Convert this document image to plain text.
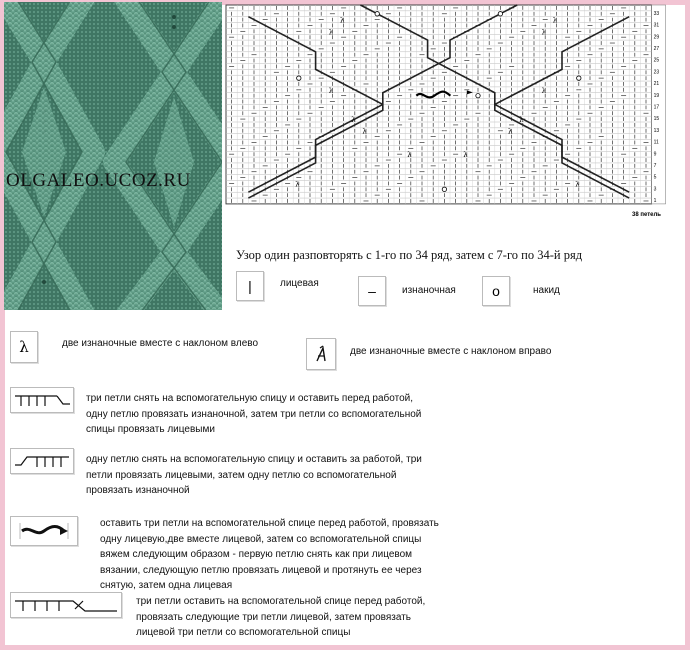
OLGALEO.UCOZ.RU
33
31
29
27
25
23
21
19
17
15
13
11
9
7
5
3
1
λ
λ
λ
λ
λ
λ
λ
λ
λ	λ
λ	λ
λ	λ
38 петель
Узор один разповторять с 1-го по 34 ряд, затем с 7-го по 34-й ряд
|	лицевая	–	изнаночная	о	накид
λ	две изнаночные вместе с наклоном влево
две изнаночные вместе с наклоном вправо
три петли снять на вспомогательную спицу и оставить перед работой,
одну петлю провязать изнаночной, затем три петли со вспомогательной
спицы провязать лицевыми
одну петлю снять на вспомогательную спицу и оставить за работой, три
петли провязать лицевыми, затем одну петлю со вспомогательной
провязать изнаночной
оставить три петли на вспомогательной спице перед работой, провязать
одну лицевую,две вместе лицевой, затем со вспомогательной спицы
вяжем следующим образом - первую петлю снять как при лицевом
вязании, следующую петлю провязать лицевой и протянуть ее через
снятую, затем одна лицевая
три петли оставить на вспомогательной спице перед работой,
провязать следующие три петли лицевой, затем провязать
лицевой три петли со вспомогательной спицы
